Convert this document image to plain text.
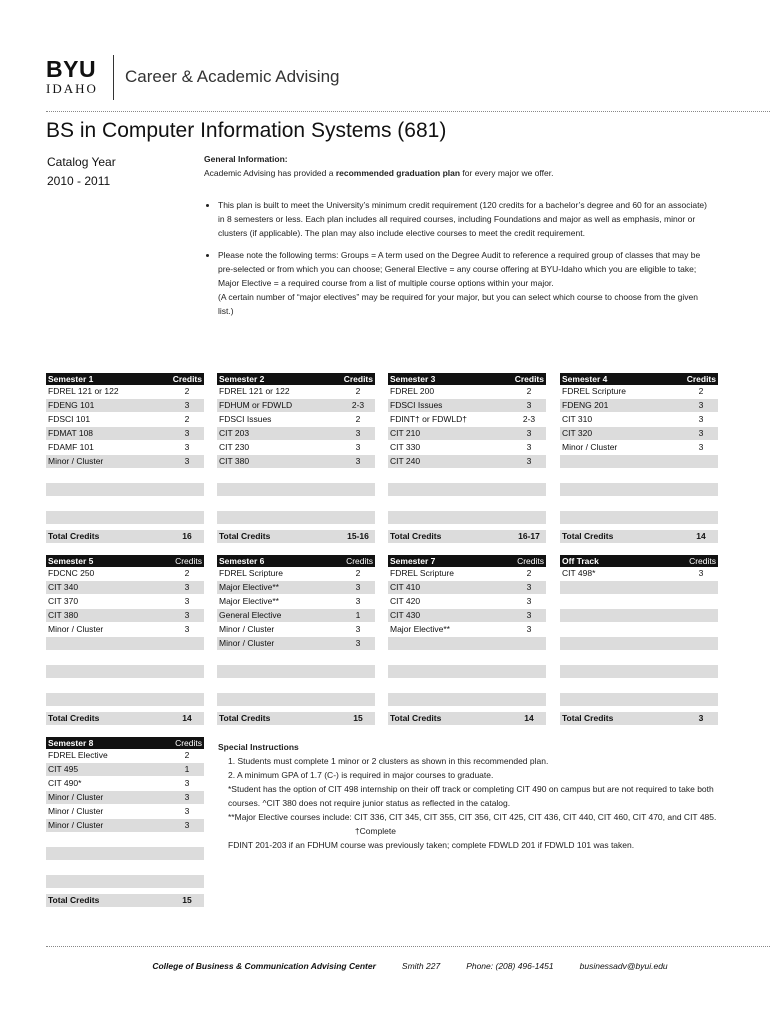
BYU
IDAHO
Career & Academic Advising
BS in Computer Information Systems (681)
Catalog Year
2010 - 2011
General Information:
Academic Advising has provided a recommended graduation plan for every major we offer.
• This plan is built to meet the University’s minimum credit requirement (120 credits for a bachelor’s degree and 60 for an associate) in 8 semesters or less. Each plan includes all required courses, including Foundations and major as well as emphasis, minor or clusters (if applicable). The plan may also include elective courses to meet the credit requirement.
• Please note the following terms: Groups = A term used on the Degree Audit to reference a required group of classes that may be pre-selected or from which you can choose; General Elective = any course offering at BYU-Idaho which you are eligible to take; Major Elective = a required course from a list of multiple course options within your major.
(A certain number of “major electives” may be required for your major, but you can select which course to choose from the given list.)
Semester 1	Credits
FDREL 121 or 122	2
FDENG 101	3
FDSCI 101	2
FDMAT 108	3
FDAMF 101	3
Minor / Cluster	3
Total Credits	16
Semester 2	Credits
FDREL 121 or 122	2
FDHUM or FDWLD	2-3
FDSCI Issues	2
CIT 203	3
CIT 230	3
CIT 380	3
Total Credits	15-16
Semester 3	Credits
FDREL 200	2
FDSCI Issues	3
FDINT† or FDWLD†	2-3
CIT 210	3
CIT 330	3
CIT 240	3
Total Credits	16-17
Semester 4	Credits
FDREL Scripture	2
FDENG 201	3
CIT 310	3
CIT 320	3
Minor / Cluster	3
Total Credits	14
Semester 5	Credits
FDCNC 250	2
CIT 340	3
CIT 370	3
CIT 380	3
Minor / Cluster	3
Total Credits	14
Semester 6	Credits
FDREL Scripture	2
Major Elective**	3
Major Elective**	3
General Elective	1
Minor / Cluster	3
Minor / Cluster	3
Total Credits	15
Semester 7	Credits
FDREL Scripture	2
CIT 410	3
CIT 420	3
CIT 430	3
Major Elective**	3
Total Credits	14
Off Track	Credits
CIT 498*	3
Total Credits	3
Semester 8	Credits
FDREL Elective	2
CIT 495	1
CIT 490*	3
Minor / Cluster	3
Minor / Cluster	3
Minor / Cluster	3
Total Credits	15
Special Instructions
1. Students must complete 1 minor or 2 clusters as shown in this recommended plan.
2. A minimum GPA of 1.7 (C-) is required in major courses to graduate.
*Student has the option of CIT 498 internship on their off track or completing CIT 490 on campus but are not required to take both courses. ^CIT 380 does not require junior status as reflected in the catalog.
**Major Elective courses include: CIT 336, CIT 345, CIT 355, CIT 356, CIT 425, CIT 436, CIT 440, CIT 460, CIT 470, and CIT 485.†Complete
FDINT 201-203 if an FDHUM course was previously taken; complete FDWLD 201 if FDWLD 101 was taken.
College of Business & Communication Advising Center	Smith 227	Phone: (208) 496-1451	businessadv@byui.edu
